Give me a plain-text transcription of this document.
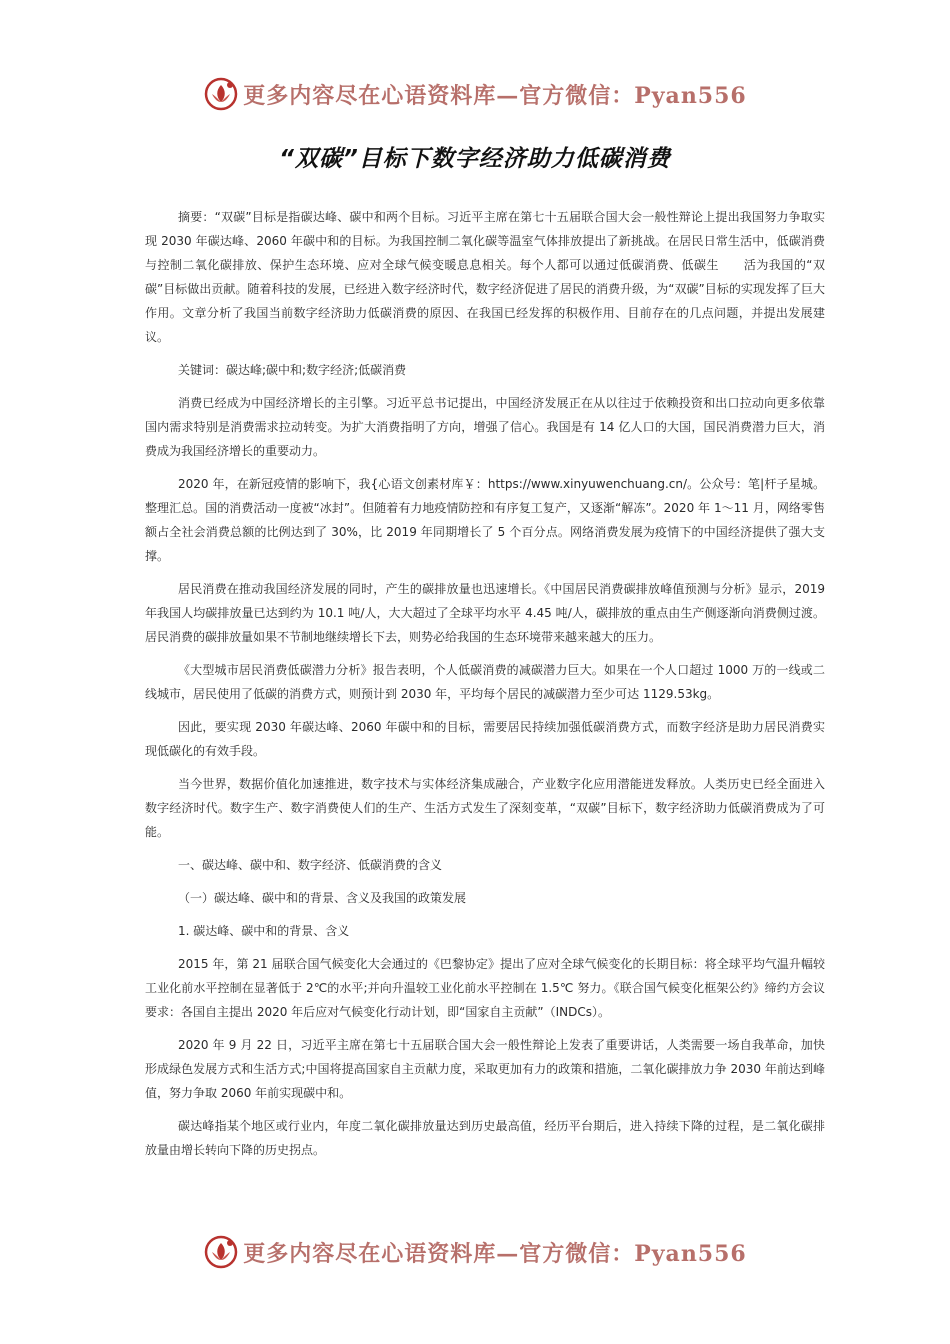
更多内容尽在心语资料库—官方微信：Pyan556
“双碳”目标下数字经济助力低碳消费

摘要：“双碳”目标是指碳达峰、碳中和两个目标。习近平主席在第七十五届联合国大会一般性辩论上提出我国努力争取实现 2030 年碳达峰、2060 年碳中和的目标。为我国控制二氧化碳等温室气体排放提出了新挑战。在居民日常生活中，低碳消费与控制二氧化碳排放、保护生态环境、应对全球气候变暖息息相关。每个人都可以通过低碳消费、低碳生　　活为我国的“双碳”目标做出贡献。随着科技的发展，已经进入数字经济时代，数字经济促进了居民的消费升级，为“双碳”目标的实现发挥了巨大作用。文章分析了我国当前数字经济助力低碳消费的原因、在我国已经发挥的积极作用、目前存在的几点问题，并提出发展建议。

关键词：碳达峰;碳中和;数字经济;低碳消费

消费已经成为中国经济增长的主引擎。习近平总书记提出，中国经济发展正在从以往过于依赖投资和出口拉动向更多依靠国内需求特别是消费需求拉动转变。为扩大消费指明了方向，增强了信心。我国是有 14 亿人口的大国，国民消费潜力巨大，消费成为我国经济增长的重要动力。

2020 年，在新冠疫情的影响下，我{心语文创素材库￥：https://www.xinyuwenchuang.cn/。公众号：笔|杆子星城。整理汇总。国的消费活动一度被“冰封”。但随着有力地疫情防控和有序复工复产，又逐渐“解冻”。2020 年 1～11 月，网络零售额占全社会消费总额的比例达到了 30%，比 2019 年同期增长了 5 个百分点。网络消费发展为疫情下的中国经济提供了强大支撑。

居民消费在推动我国经济发展的同时，产生的碳排放量也迅速增长。《中国居民消费碳排放峰值预测与分析》显示，2019 年我国人均碳排放量已达到约为 10.1 吨/人，大大超过了全球平均水平 4.45 吨/人，碳排放的重点由生产侧逐渐向消费侧过渡。居民消费的碳排放量如果不节制地继续增长下去，则势必给我国的生态环境带来越来越大的压力。

《大型城市居民消费低碳潜力分析》报告表明，个人低碳消费的减碳潜力巨大。如果在一个人口超过 1000 万的一线或二线城市，居民使用了低碳的消费方式，则预计到 2030 年，平均每个居民的减碳潜力至少可达 1129.53kg。

因此，要实现 2030 年碳达峰、2060 年碳中和的目标，需要居民持续加强低碳消费方式，而数字经济是助力居民消费实现低碳化的有效手段。

当今世界，数据价值化加速推进，数字技术与实体经济集成融合，产业数字化应用潜能迸发释放。人类历史已经全面进入数字经济时代。数字生产、数字消费使人们的生产、生活方式发生了深刻变革，“双碳”目标下，数字经济助力低碳消费成为了可能。

一、碳达峰、碳中和、数字经济、低碳消费的含义

（一）碳达峰、碳中和的背景、含义及我国的政策发展

1. 碳达峰、碳中和的背景、含义

2015 年，第 21 届联合国气候变化大会通过的《巴黎协定》提出了应对全球气候变化的长期目标：将全球平均气温升幅较工业化前水平控制在显著低于 2℃的水平;并向升温较工业化前水平控制在 1.5℃ 努力。《联合国气候变化框架公约》缔约方会议要求：各国自主提出 2020 年后应对气候变化行动计划，即“国家自主贡献”（INDCs）。

2020 年 9 月 22 日，习近平主席在第七十五届联合国大会一般性辩论上发表了重要讲话，人类需要一场自我革命，加快形成绿色发展方式和生活方式;中国将提高国家自主贡献力度，采取更加有力的政策和措施，二氧化碳排放力争 2030 年前达到峰值，努力争取 2060 年前实现碳中和。

碳达峰指某个地区或行业内，年度二氧化碳排放量达到历史最高值，经历平台期后，进入持续下降的过程，是二氧化碳排放量由增长转向下降的历史拐点。

更多内容尽在心语资料库—官方微信：Pyan556
